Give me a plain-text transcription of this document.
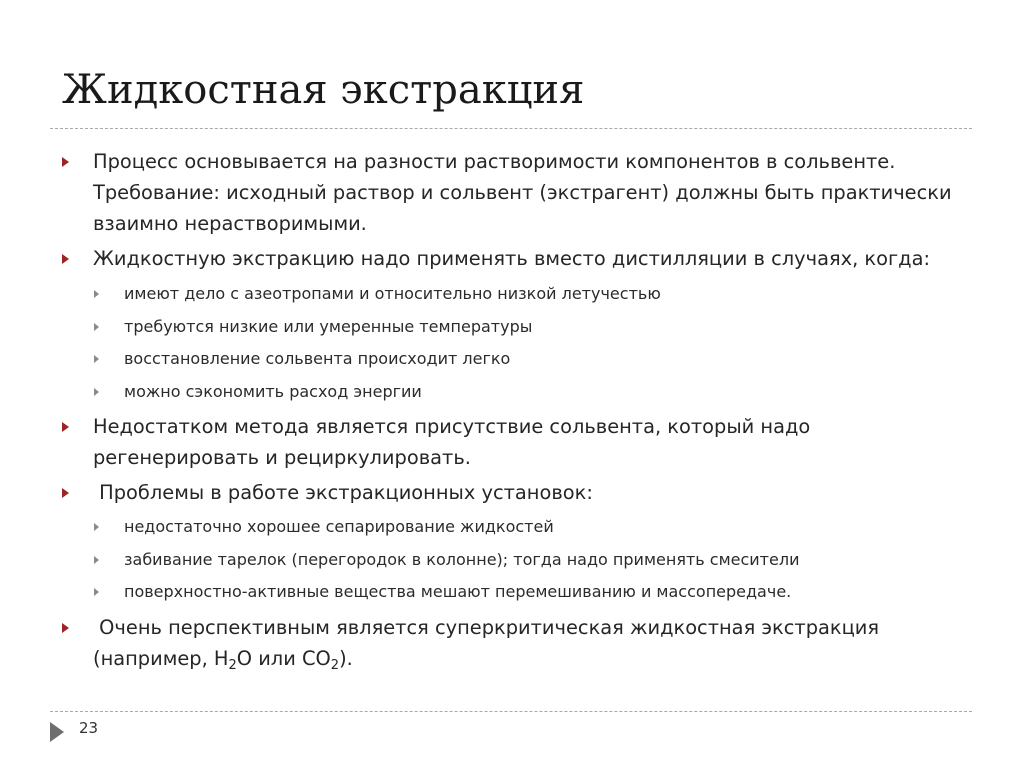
Жидкостная экстракция
Процесс основывается на разности растворимости компонентов в сольвенте. Требование: исходный раствор и сольвент (экстрагент) должны быть практически взаимно нерастворимыми.
Жидкостную экстракцию надо применять вместо дистилляции в случаях, когда:
имеют дело с азеотропами и относительно низкой летучестью
требуются низкие или умеренные температуры
восстановление сольвента происходит легко
можно сэкономить расход энергии
Недостатком метода является присутствие сольвента, который надо регенерировать и рециркулировать.
Проблемы в работе экстракционных установок:
недостаточно хорошее сепарирование жидкостей
забивание тарелок (перегородок в колонне); тогда надо применять смесители
поверхностно-активные вещества мешают перемешиванию и массопередаче.
Очень перспективным является суперкритическая жидкостная экстракция (например, $H_2O$ или $CO_2$).
23
